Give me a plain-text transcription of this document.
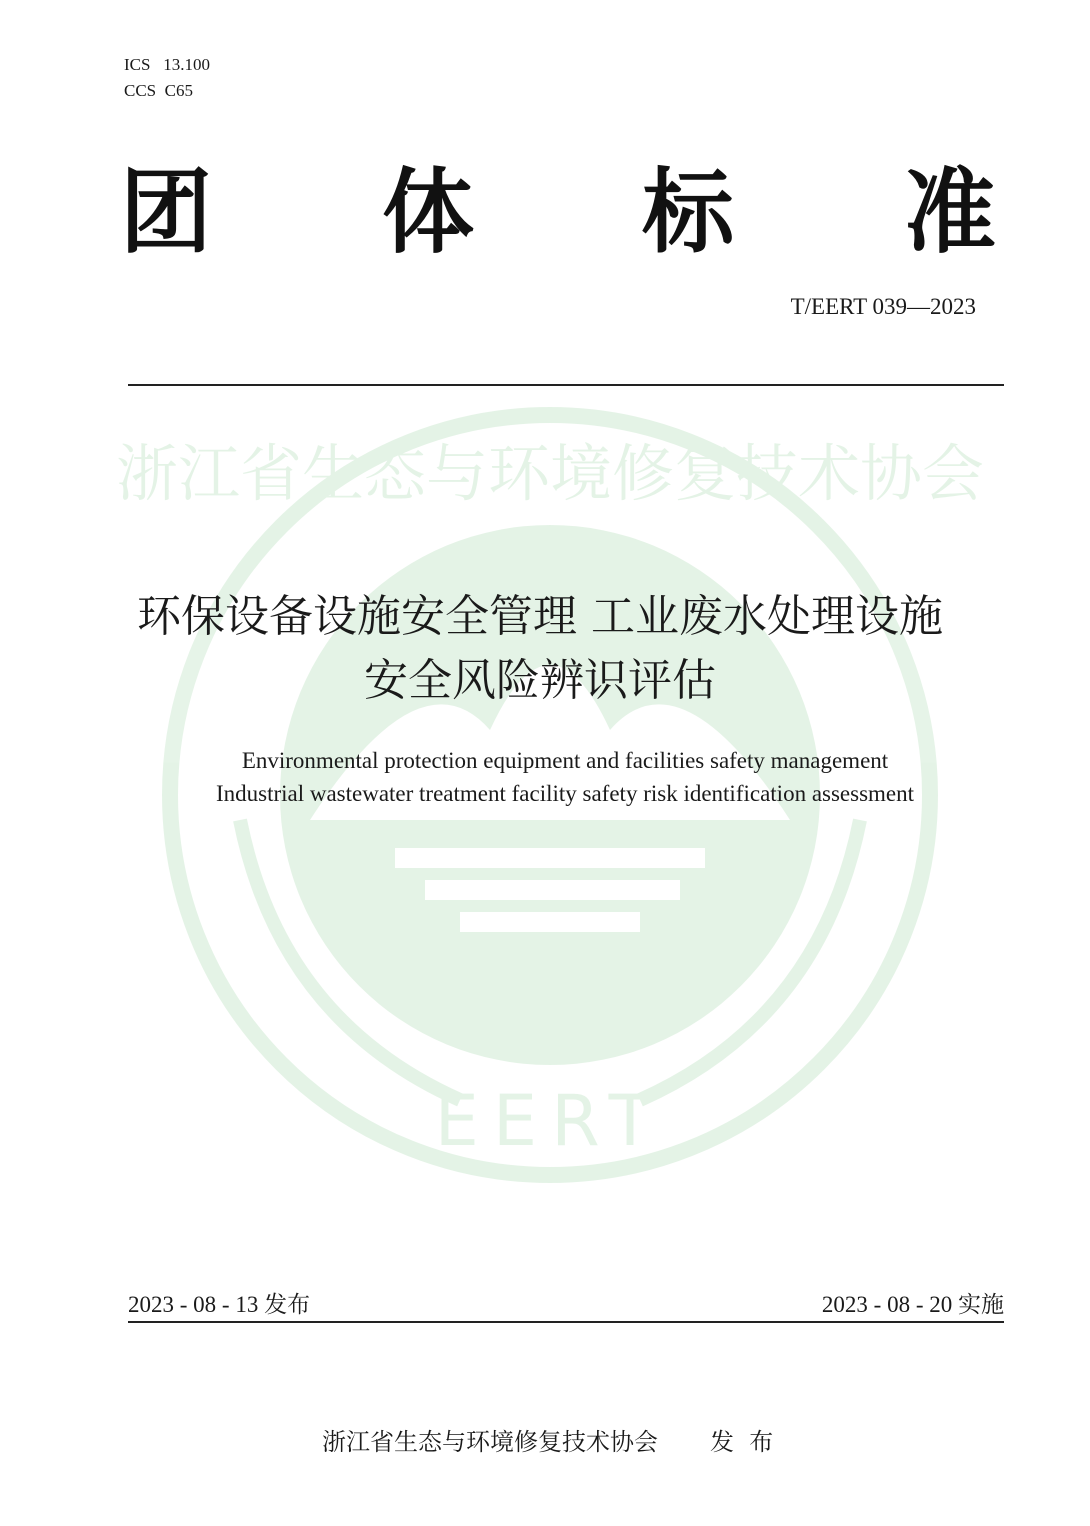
浙江省生态与环境修复技术协会
EERT
ICS   13.100
CCS  C65
团 体 标 准
T/EERT 039—2023
环保设备设施安全管理 工业废水处理设施
安全风险辨识评估
Environmental protection equipment and facilities safety management
Industrial wastewater treatment facility safety risk identification assessment
2023 - 08 - 13 发布	2023 - 08 - 20 实施

浙江省生态与环境修复技术协会 发  布
